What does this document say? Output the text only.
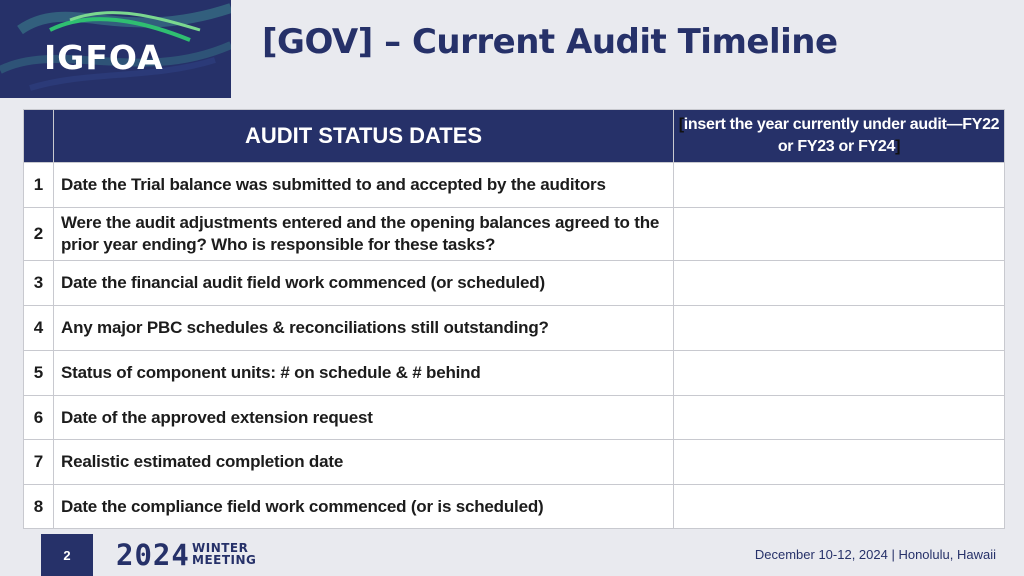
IGFOA	[GOV] – Current Audit Timeline
	AUDIT STATUS DATES	[insert the year currently under audit—FY22 or FY23 or FY24]
1	Date the Trial balance was submitted to and accepted by the auditors	
2	Were the audit adjustments entered and the opening balances agreed to the prior year ending? Who is responsible for these tasks?	
3	Date the financial audit field work commenced (or scheduled)	
4	Any major PBC schedules & reconciliations still outstanding?	
5	Status of component units: # on schedule & # behind	
6	Date of the approved extension request	
7	Realistic estimated completion date	
8	Date the compliance field work commenced (or is scheduled)	
2	2024 WINTER
MEETING	December 10-12, 2024 | Honolulu, Hawaii
